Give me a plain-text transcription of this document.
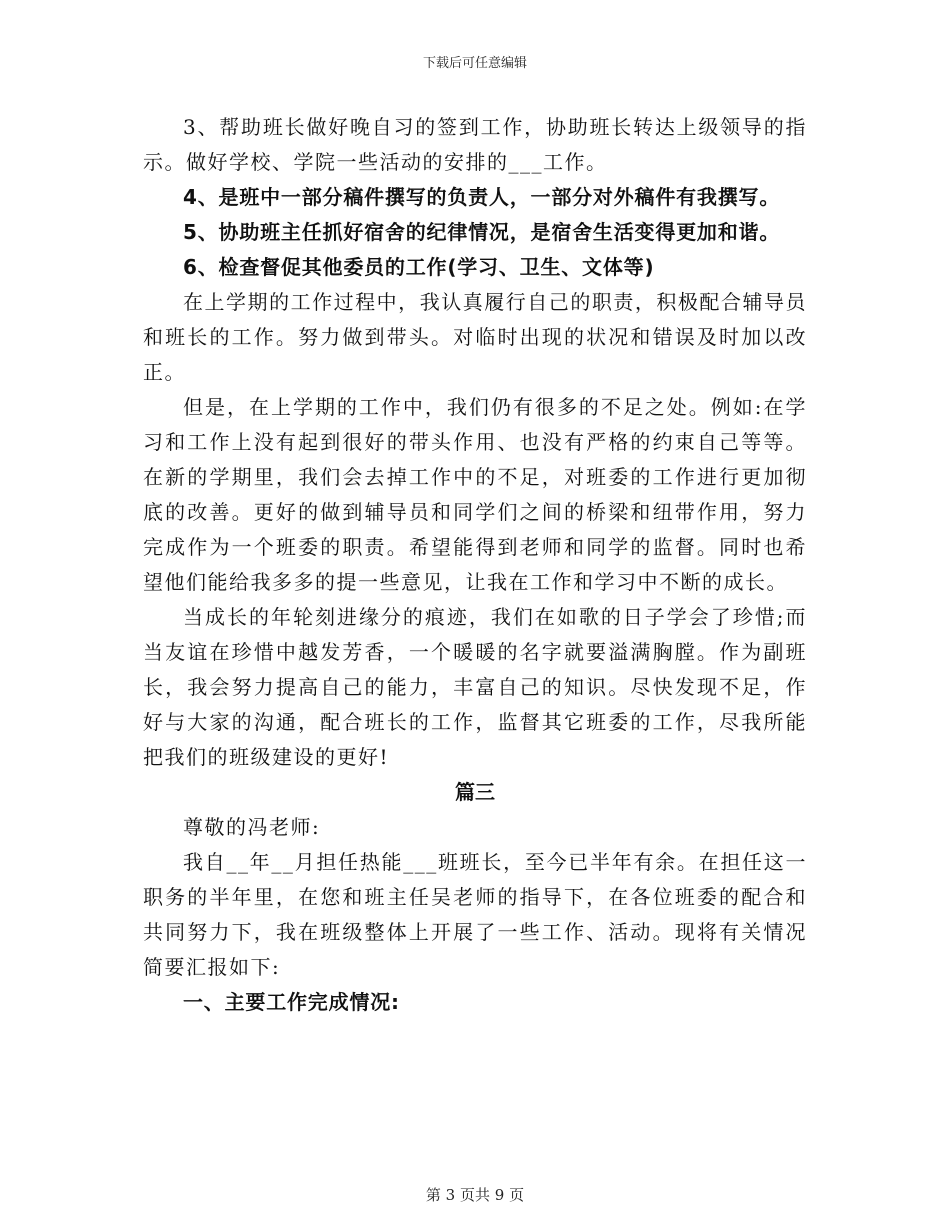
下载后可任意编辑

3、帮助班长做好晚自习的签到工作，协助班长转达上级领导的指示。做好学校、学院一些活动的安排的___工作。

4、是班中一部分稿件撰写的负责人，一部分对外稿件有我撰写。

5、协助班主任抓好宿舍的纪律情况，是宿舍生活变得更加和谐。

6、检查督促其他委员的工作(学习、卫生、文体等)

在上学期的工作过程中，我认真履行自己的职责，积极配合辅导员和班长的工作。努力做到带头。对临时出现的状况和错误及时加以改正。

但是，在上学期的工作中，我们仍有很多的不足之处。例如:在学习和工作上没有起到很好的带头作用、也没有严格的约束自己等等。在新的学期里，我们会去掉工作中的不足，对班委的工作进行更加彻底的改善。更好的做到辅导员和同学们之间的桥梁和纽带作用，努力完成作为一个班委的职责。希望能得到老师和同学的监督。同时也希望他们能给我多多的提一些意见，让我在工作和学习中不断的成长。

当成长的年轮刻进缘分的痕迹，我们在如歌的日子学会了珍惜;而当友谊在珍惜中越发芳香，一个暖暖的名字就要溢满胸膛。作为副班长，我会努力提高自己的能力，丰富自己的知识。尽快发现不足，作好与大家的沟通，配合班长的工作，监督其它班委的工作，尽我所能把我们的班级建设的更好!

篇三

尊敬的冯老师:

我自__年__月担任热能___班班长，至今已半年有余。在担任这一职务的半年里，在您和班主任吴老师的指导下，在各位班委的配合和共同努力下，我在班级整体上开展了一些工作、活动。现将有关情况简要汇报如下:

一、主要工作完成情况:

第 3 页共 9 页
